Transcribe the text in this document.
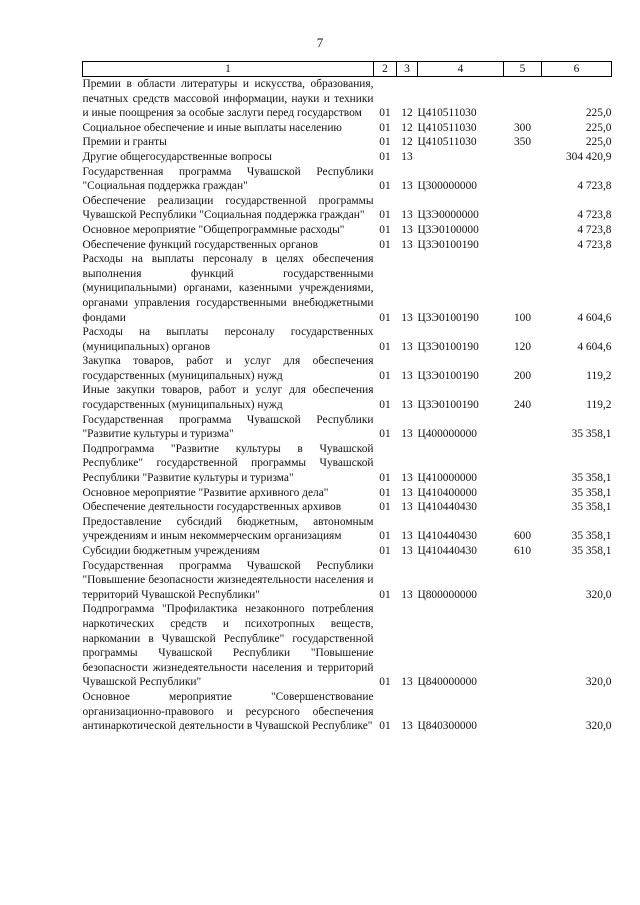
7
1	2	3	4	5	6
Премии в области литературы и искусства, образования, печатных средств массовой информации, науки и техники и иные поощрения за особые заслуги перед государством	01	12	Ц410511030		225,0
Социальное обеспечение и иные выплаты населению	01	12	Ц410511030	300	225,0
Премии и гранты	01	12	Ц410511030	350	225,0
Другие общегосударственные вопросы	01	13			304 420,9
Государственная программа Чувашской Республики "Социальная поддержка граждан"	01	13	Ц300000000		4 723,8
Обеспечение реализации государственной программы Чувашской Республики "Социальная поддержка граждан"	01	13	Ц3Э0000000		4 723,8
Основное мероприятие "Общепрограммные расходы"	01	13	Ц3Э0100000		4 723,8
Обеспечение функций государственных органов	01	13	Ц3Э0100190		4 723,8
Расходы на выплаты персоналу в целях обеспечения выполнения функций государственными (муниципальными) органами, казенными учреждениями, органами управления государственными внебюджетными фондами	01	13	Ц3Э0100190	100	4 604,6
Расходы на выплаты персоналу государственных (муниципальных) органов	01	13	Ц3Э0100190	120	4 604,6
Закупка товаров, работ и услуг для обеспечения государственных (муниципальных) нужд	01	13	Ц3Э0100190	200	119,2
Иные закупки товаров, работ и услуг для обеспечения государственных (муниципальных) нужд	01	13	Ц3Э0100190	240	119,2
Государственная программа Чувашской Республики "Развитие культуры и туризма"	01	13	Ц400000000		35 358,1
Подпрограмма "Развитие культуры в Чувашской Республике" государственной программы Чувашской Республики "Развитие культуры и туризма"	01	13	Ц410000000		35 358,1
Основное мероприятие "Развитие архивного дела"	01	13	Ц410400000		35 358,1
Обеспечение деятельности государственных архивов	01	13	Ц410440430		35 358,1
Предоставление субсидий бюджетным, автономным учреждениям и иным некоммерческим организациям	01	13	Ц410440430	600	35 358,1
Субсидии бюджетным учреждениям	01	13	Ц410440430	610	35 358,1
Государственная программа Чувашской Республики "Повышение безопасности жизнедеятельности населения и территорий Чувашской Республики"	01	13	Ц800000000		320,0
Подпрограмма "Профилактика незаконного потребления наркотических средств и психотропных веществ, наркомании в Чувашской Республике" государственной программы Чувашской Республики "Повышение безопасности жизнедеятельности населения и территорий Чувашской Республики"	01	13	Ц840000000		320,0
Основное мероприятие "Совершенствование организационно-правового и ресурсного обеспечения антинаркотической деятельности в Чувашской Республике"	01	13	Ц840300000		320,0
